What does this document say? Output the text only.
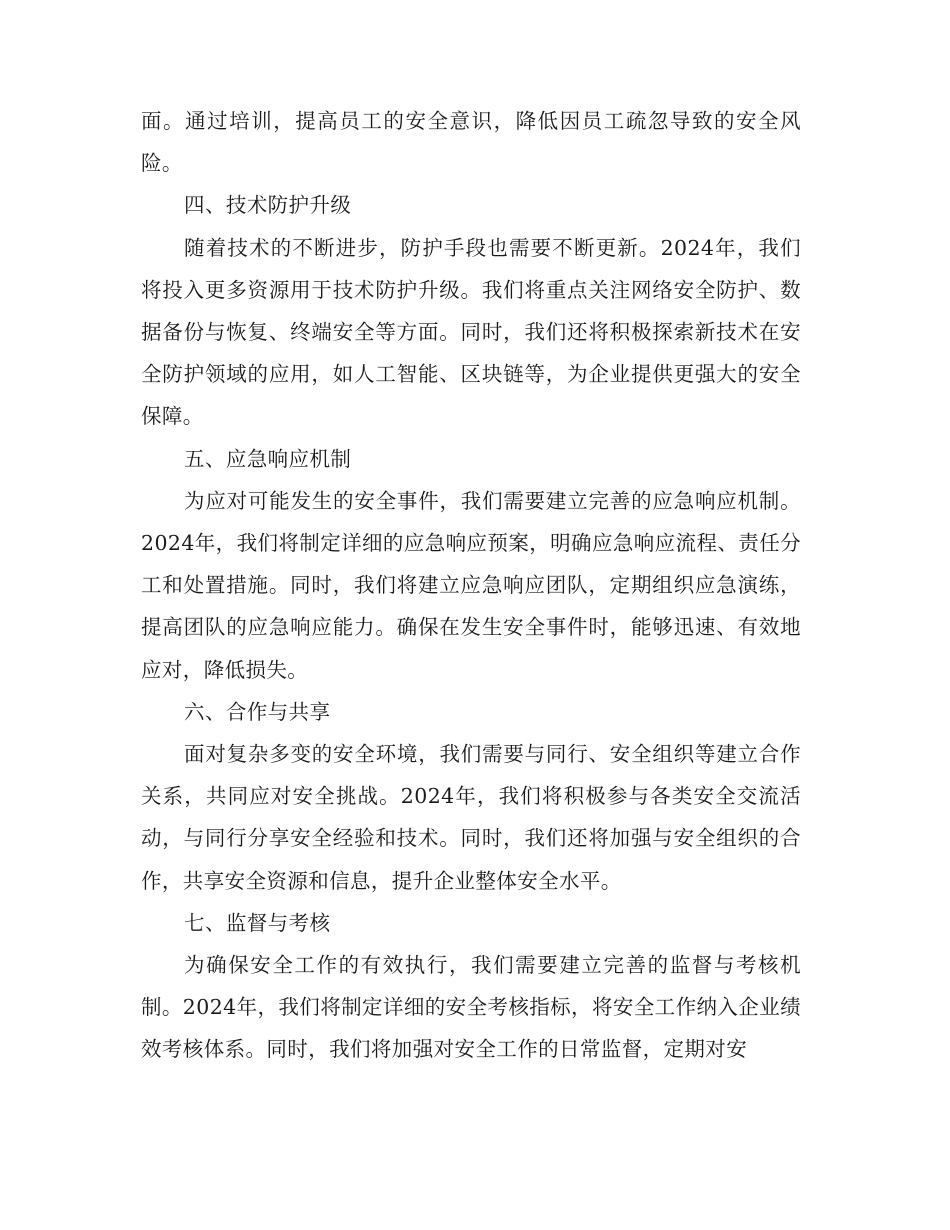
面。通过培训，提高员工的安全意识，降低因员工疏忽导致的安全风险。

四、技术防护升级

随着技术的不断进步，防护手段也需要不断更新。2024年，我们将投入更多资源用于技术防护升级。我们将重点关注网络安全防护、数据备份与恢复、终端安全等方面。同时，我们还将积极探索新技术在安全防护领域的应用，如人工智能、区块链等，为企业提供更强大的安全保障。

五、应急响应机制

为应对可能发生的安全事件，我们需要建立完善的应急响应机制。2024年，我们将制定详细的应急响应预案，明确应急响应流程、责任分工和处置措施。同时，我们将建立应急响应团队，定期组织应急演练，提高团队的应急响应能力。确保在发生安全事件时，能够迅速、有效地应对，降低损失。

六、合作与共享

面对复杂多变的安全环境，我们需要与同行、安全组织等建立合作关系，共同应对安全挑战。2024年，我们将积极参与各类安全交流活动，与同行分享安全经验和技术。同时，我们还将加强与安全组织的合作，共享安全资源和信息，提升企业整体安全水平。

七、监督与考核

为确保安全工作的有效执行，我们需要建立完善的监督与考核机制。2024年，我们将制定详细的安全考核指标，将安全工作纳入企业绩效考核体系。同时，我们将加强对安全工作的日常监督，定期对安
